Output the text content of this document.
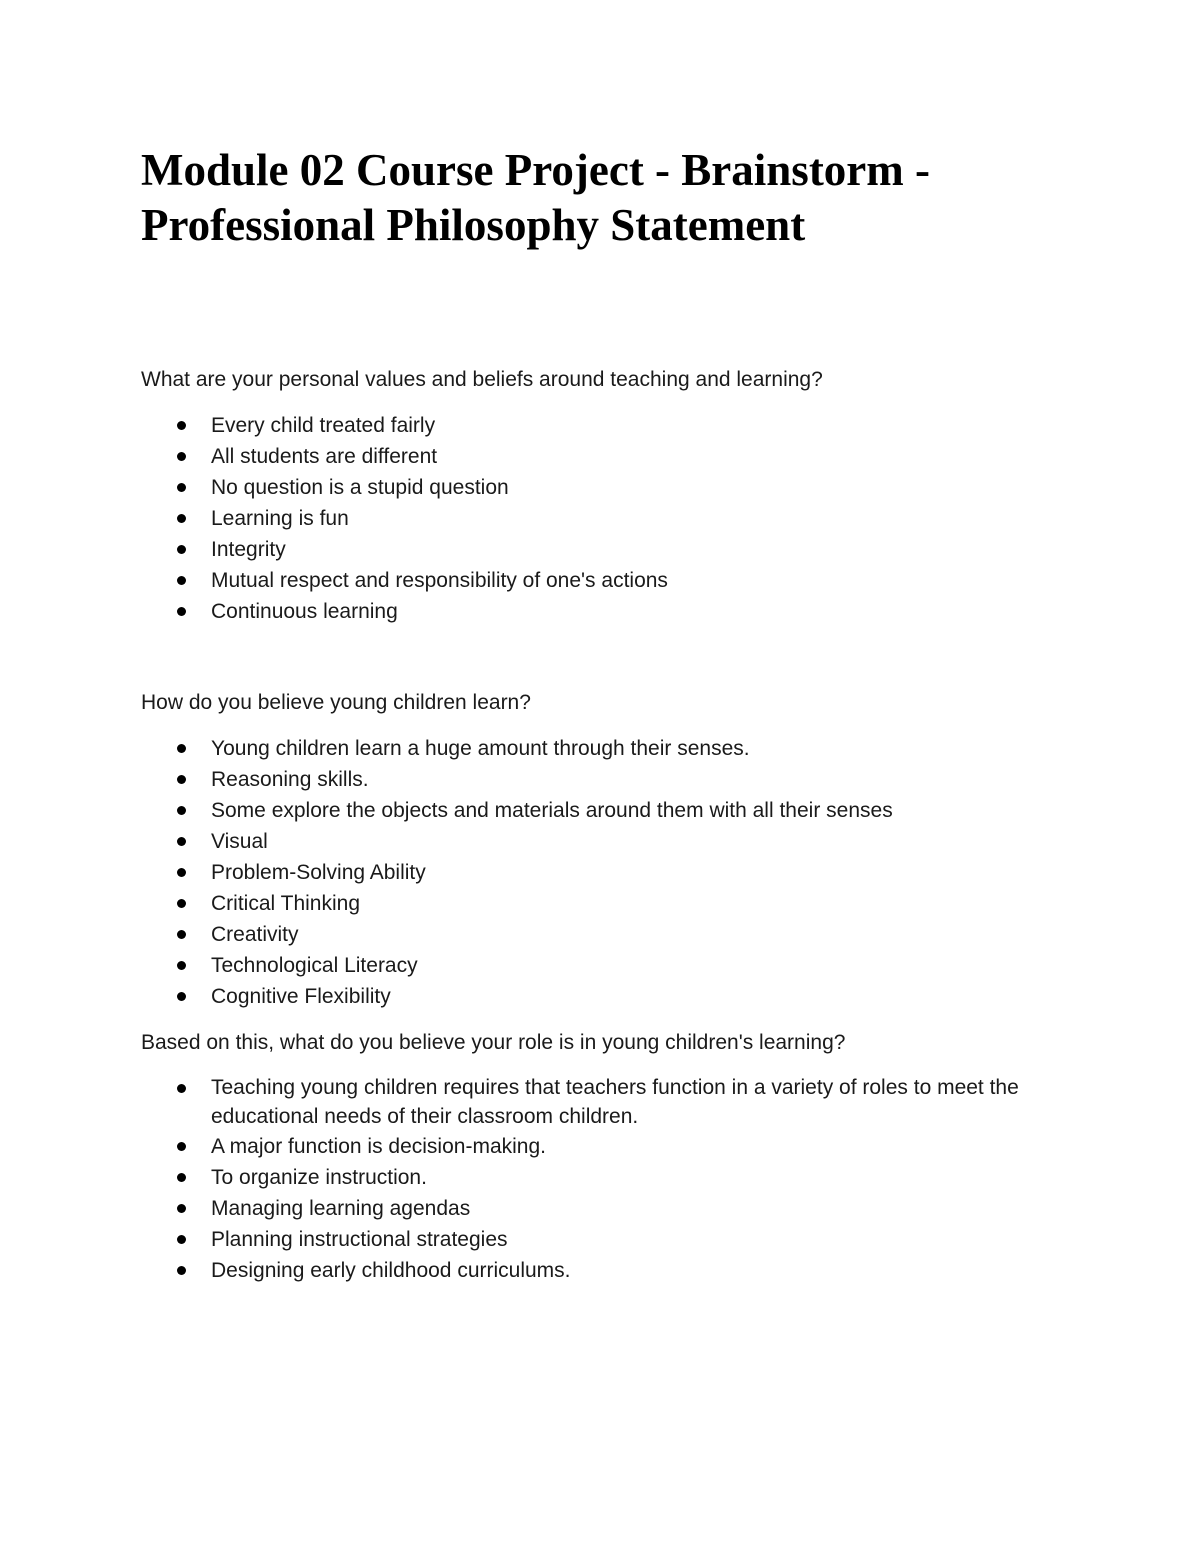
Module 02 Course Project - Brainstorm - Professional Philosophy Statement

What are your personal values and beliefs around teaching and learning?

Every child treated fairly
All students are different
No question is a stupid question
Learning is fun
Integrity
Mutual respect and responsibility of one's actions
Continuous learning

How do you believe young children learn?

Young children learn a huge amount through their senses.
Reasoning skills.
Some explore the objects and materials around them with all their senses
Visual
Problem-Solving Ability
Critical Thinking
Creativity
Technological Literacy
Cognitive Flexibility

Based on this, what do you believe your role is in young children's learning?

Teaching young children requires that teachers function in a variety of roles to meet the educational needs of their classroom children.
A major function is decision-making.
To organize instruction.
Managing learning agendas
Planning instructional strategies
Designing early childhood curriculums.
